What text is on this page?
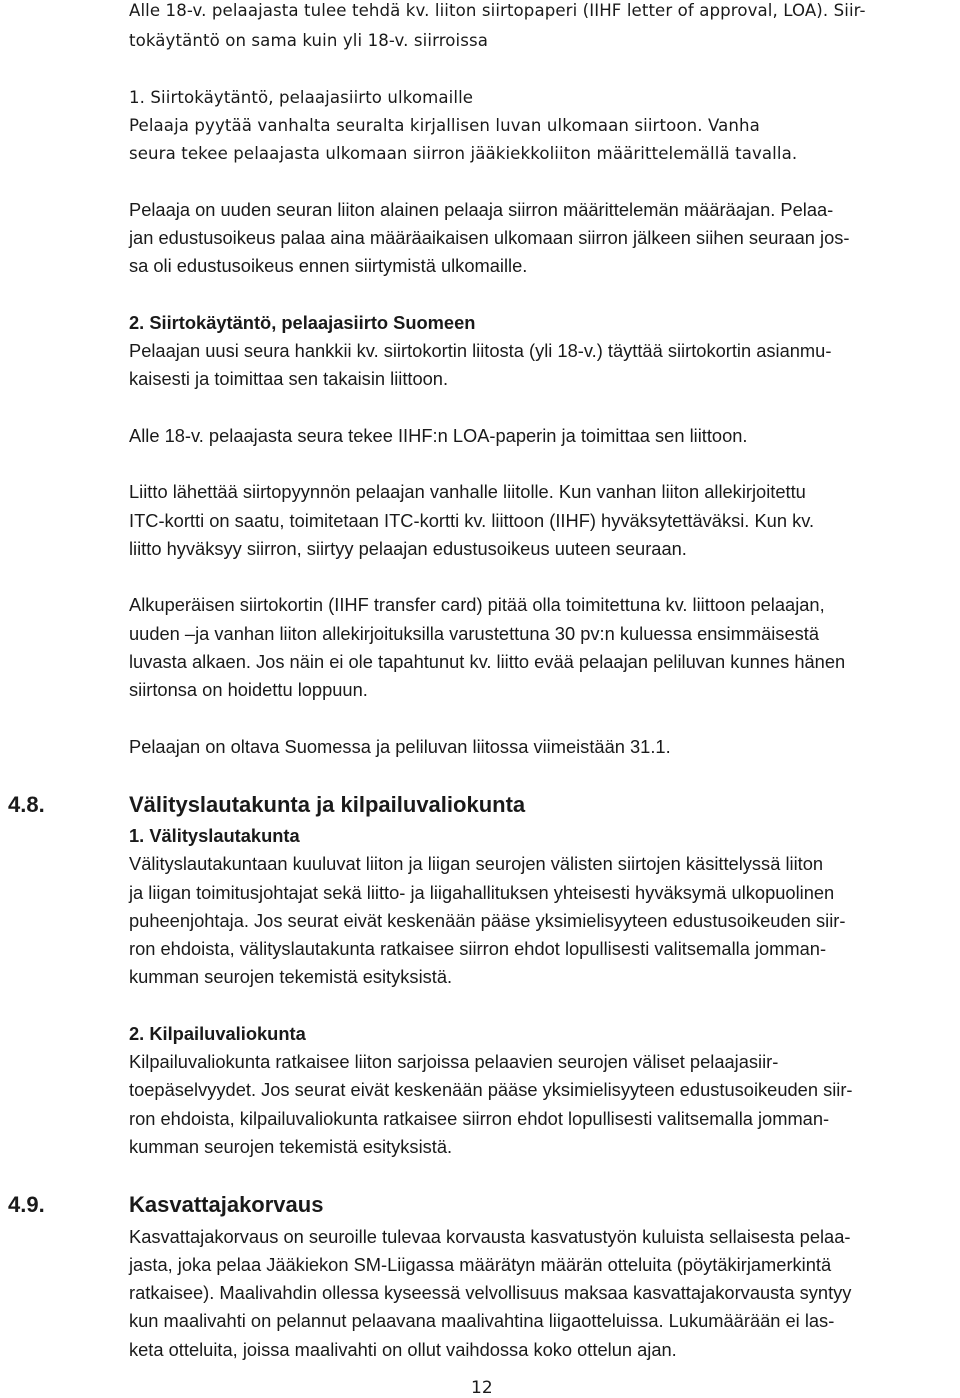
Alle 18-v. pelaajasta tulee tehdä kv. liiton siirtopaperi (IIHF letter of approval, LOA). Siir-

tokäytäntö on sama kuin yli 18-v. siirroissa

1. Siirtokäytäntö, pelaajasiirto ulkomaille

Pelaaja pyytää vanhalta seuralta kirjallisen luvan ulkomaan siirtoon. Vanha

seura tekee pelaajasta ulkomaan siirron jääkiekkoliiton määrittelemällä tavalla.

Pelaaja on uuden seuran liiton alainen pelaaja siirron määrittelemän määräajan. Pelaa-

jan edustusoikeus palaa aina määräaikaisen ulkomaan siirron jälkeen siihen seuraan jos-

sa oli edustusoikeus ennen siirtymistä ulkomaille.

2. Siirtokäytäntö, pelaajasiirto Suomeen

Pelaajan uusi seura hankkii kv. siirtokortin liitosta (yli 18-v.) täyttää siirtokortin asianmu-

kaisesti ja toimittaa sen takaisin liittoon.

Alle 18-v. pelaajasta seura tekee IIHF:n LOA-paperin ja toimittaa sen liittoon.

Liitto lähettää siirtopyynnön pelaajan vanhalle liitolle. Kun vanhan liiton allekirjoitettu

ITC-kortti on saatu, toimitetaan ITC-kortti kv. liittoon (IIHF) hyväksytettäväksi. Kun kv.

liitto hyväksyy siirron, siirtyy pelaajan edustusoikeus uuteen seuraan.

Alkuperäisen siirtokortin (IIHF transfer card) pitää olla toimitettuna kv. liittoon pelaajan,

uuden –ja vanhan liiton allekirjoituksilla varustettuna 30 pv:n kuluessa ensimmäisestä

luvasta alkaen. Jos näin ei ole tapahtunut kv. liitto evää pelaajan peliluvan kunnes hänen

siirtonsa on hoidettu loppuun.

Pelaajan on oltava Suomessa ja peliluvan liitossa viimeistään 31.1.

4.8.	Välityslautakunta ja kilpailuvaliokunta

1. Välityslautakunta

Välityslautakuntaan kuuluvat liiton ja liigan seurojen välisten siirtojen käsittelyssä liiton

ja liigan toimitusjohtajat sekä liitto- ja liigahallituksen yhteisesti hyväksymä ulkopuolinen

puheenjohtaja. Jos seurat eivät keskenään pääse yksimielisyyteen edustusoikeuden siir-

ron ehdoista, välityslautakunta ratkaisee siirron ehdot lopullisesti valitsemalla jomman-

kumman seurojen tekemistä esityksistä.

2. Kilpailuvaliokunta

Kilpailuvaliokunta ratkaisee liiton sarjoissa pelaavien seurojen väliset pelaajasiir-

toepäselvyydet. Jos seurat eivät keskenään pääse yksimielisyyteen edustusoikeuden siir-

ron ehdoista, kilpailuvaliokunta ratkaisee siirron ehdot lopullisesti valitsemalla jomman-

kumman seurojen tekemistä esityksistä.

4.9.	Kasvattajakorvaus

Kasvattajakorvaus on seuroille tulevaa korvausta kasvatustyön kuluista sellaisesta pelaa-

jasta, joka pelaa Jääkiekon SM-Liigassa määrätyn määrän otteluita (pöytäkirjamerkintä

ratkaisee). Maalivahdin ollessa kyseessä velvollisuus maksaa kasvattajakorvausta syntyy

kun maalivahti on pelannut pelaavana maalivahtina liigaotteluissa. Lukumäärään ei las-

keta otteluita, joissa maalivahti on ollut vaihdossa koko ottelun ajan.

12
